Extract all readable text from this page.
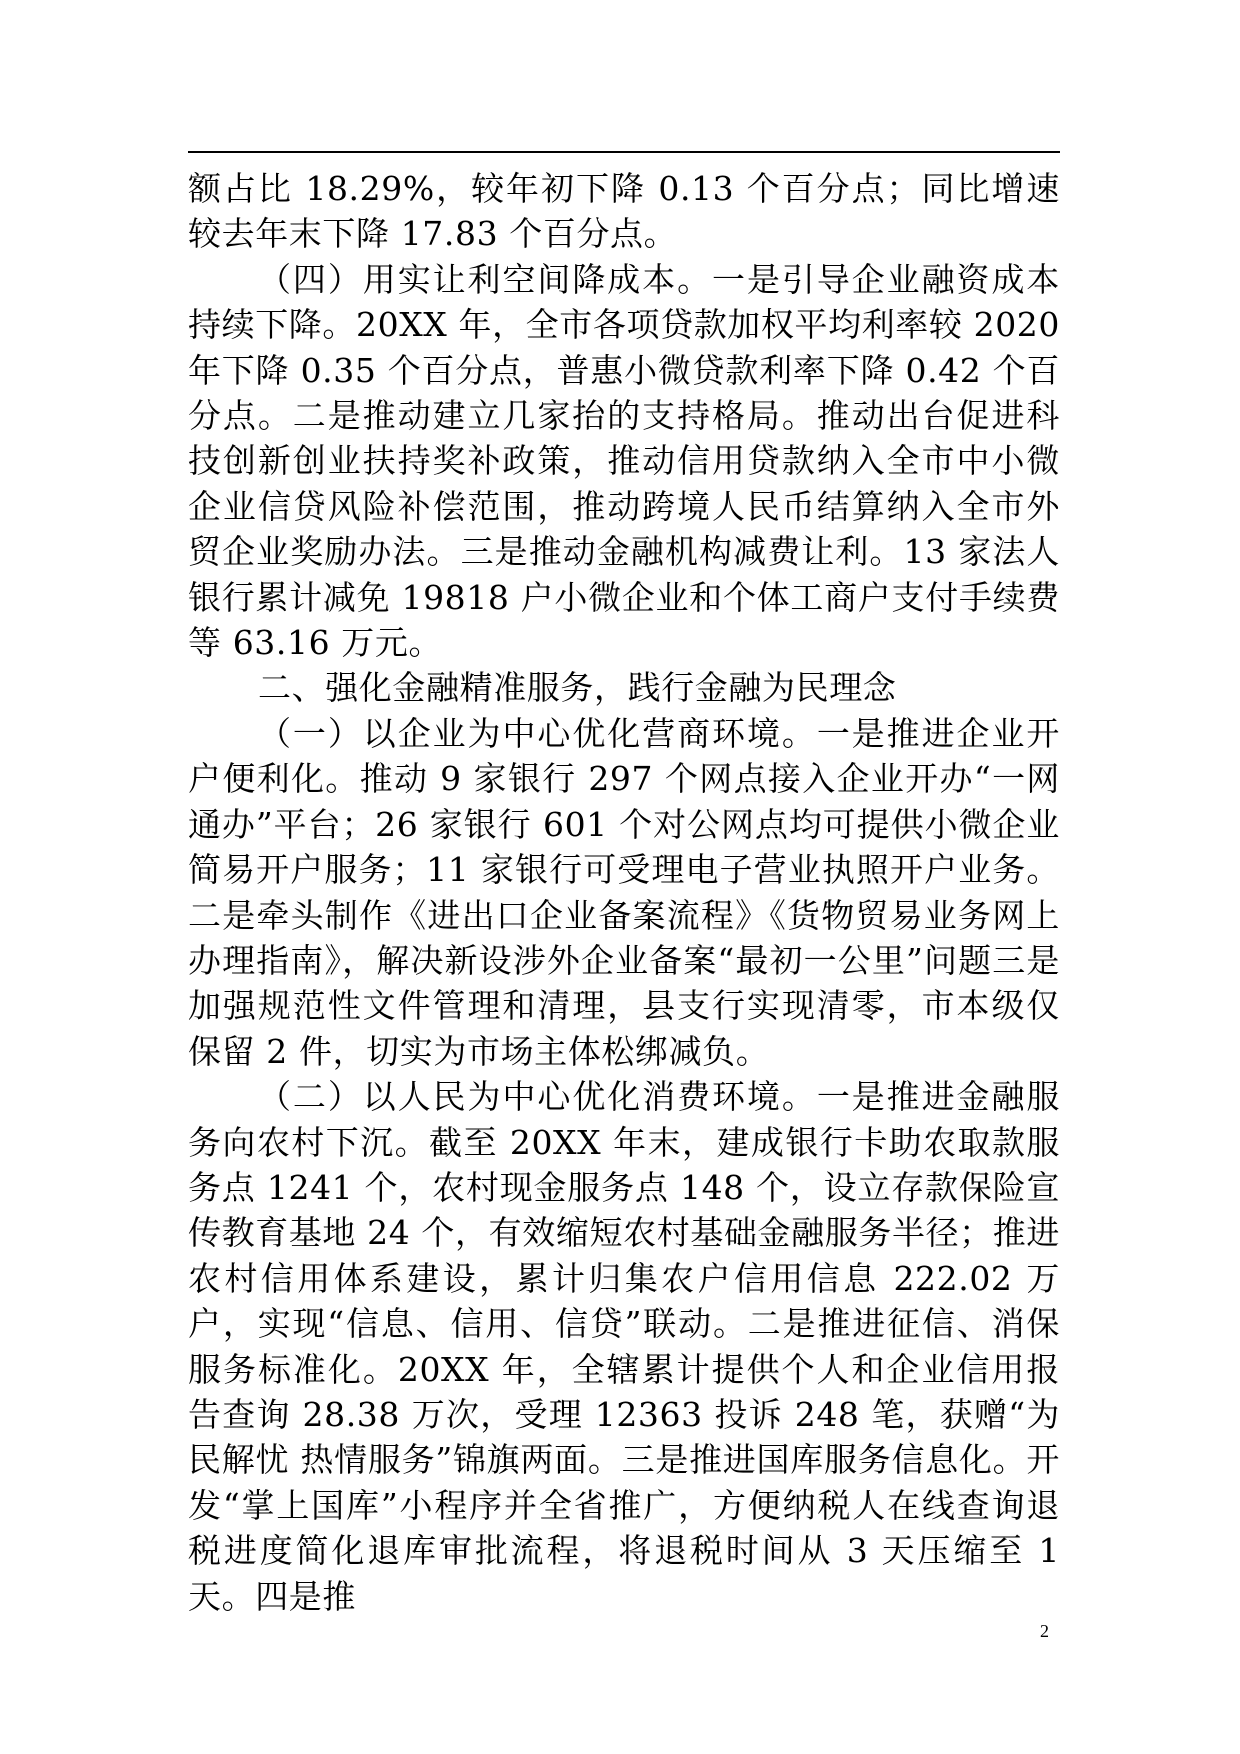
额占比 18.29%，较年初下降 0.13 个百分点；同比增速较去年末下降 17.83 个百分点。

（四）用实让利空间降成本。一是引导企业融资成本持续下降。20XX 年，全市各项贷款加权平均利率较 2020 年下降 0.35 个百分点，普惠小微贷款利率下降 0.42 个百分点。二是推动建立几家抬的支持格局。推动出台促进科技创新创业扶持奖补政策，推动信用贷款纳入全市中小微企业信贷风险补偿范围，推动跨境人民币结算纳入全市外贸企业奖励办法。三是推动金融机构减费让利。13 家法人银行累计减免 19818 户小微企业和个体工商户支付手续费等 63.16 万元。

二、强化金融精准服务，践行金融为民理念

（一）以企业为中心优化营商环境。一是推进企业开户便利化。推动 9 家银行 297 个网点接入企业开办“一网通办”平台；26 家银行 601 个对公网点均可提供小微企业简易开户服务；11 家银行可受理电子营业执照开户业务。二是牵头制作《进出口企业备案流程》《货物贸易业务网上办理指南》，解决新设涉外企业备案“最初一公里”问题三是加强规范性文件管理和清理，县支行实现清零，市本级仅保留 2 件，切实为市场主体松绑减负。

（二）以人民为中心优化消费环境。一是推进金融服务向农村下沉。截至 20XX 年末，建成银行卡助农取款服务点 1241 个，农村现金服务点 148 个，设立存款保险宣传教育基地 24 个，有效缩短农村基础金融服务半径；推进农村信用体系建设，累计归集农户信用信息 222.02 万户，实现“信息、信用、信贷”联动。二是推进征信、消保服务标准化。20XX 年，全辖累计提供个人和企业信用报告查询 28.38 万次，受理 12363 投诉 248 笔，获赠“为民解忧 热情服务”锦旗两面。三是推进国库服务信息化。开发“掌上国库”小程序并全省推广，方便纳税人在线查询退税进度简化退库审批流程，将退税时间从 3 天压缩至 1 天。四是推

2
